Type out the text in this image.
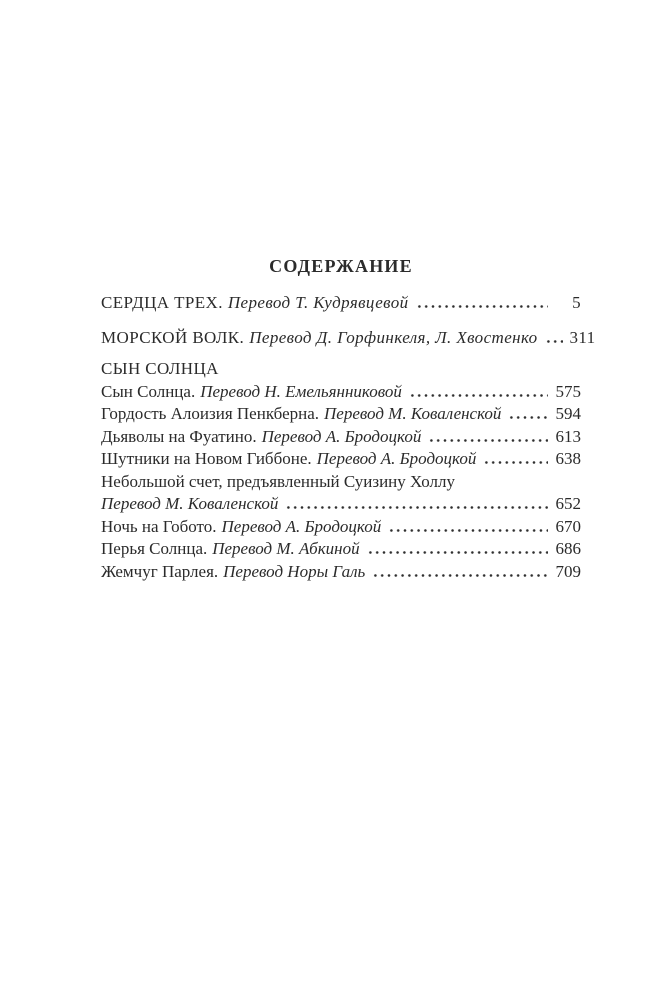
СОДЕРЖАНИЕ
СЕРДЦА ТРЕХ. Перевод Т. Кудрявцевой	5
МОРСКОЙ ВОЛК. Перевод Д. Горфинкеля, Л. Хвостенко 311
СЫН СОЛНЦА
Сын Солнца. Перевод Н. Емельянниковой	575
Гордость Алоизия Пенкберна. Перевод М. Коваленской	594
Дьяволы на Фуатино. Перевод А. Бродоцкой	613
Шутники на Новом Гиббоне. Перевод А. Бродоцкой	638
Небольшой счет, предъявленный Суизину Холлу
Перевод М. Коваленской	652
Ночь на Гобото. Перевод А. Бродоцкой	670
Перья Солнца. Перевод М. Абкиной	686
Жемчуг Парлея. Перевод Норы Галь	709
